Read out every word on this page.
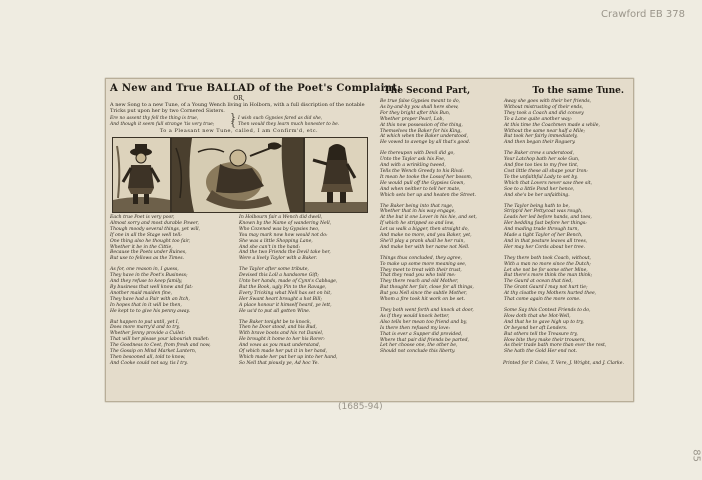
Crawford EB 378
(1685-94)
85
A New and True BALLAD of the Poet's Complaint:
OR,
A new Song to a new Tune, of a Young Wench living in Holborn, with a full discription of the notable Tricks put upon her by two Cornered Sisters.
Ere no assent thy fell the thing is true,
And though it seem full strange 'tis very true;
}{ I wish such Gypsies fared as did she,
Then would they learn much honester to be.
To a Pleasant new Tune, called, I am Confirm'd, etc.
Each true Poet is very poor,
Almost sorry and most durable Power,
Though moody several things, yet will,
If one in all the Stage well tell:
One thing also he thought too fair,
Whether it be in the Cittie,
Because the Poets under Ruines,
But use to fellows as the Times.
As for, one reason in, I guess,
They have in the Poet's Business;
And they refuse to keep family,
By business that well know and fat:
Another maid maiden fine,
They have had a Pair with an Itch,
In hopes that in it will be then,
He kept to to give his penny away.
But happen to put until, yet I,
Does more marry'd and to try,
Whether Jenny provide a Cuilet:
That will her please your labourish mullet:
The Goodness to Ceet, from fresh and now,
The Gossip on Mind Market Lantern,
Then besooned all, told to know,
And Cooke could not say, tis I try.
In Holbourn fair a Wench did dwell,
Known by the Name of wandering Nell,
Who Cozened was by Gypsies two,
You may mark now how would not do:
She was a little Shopping Lane,
And she can't in the hand:
And the two Friends the Devil take her,
Were a lively Taylor with a Baker.
The Taylor after some tribute,
Devised this Loll a handsome Gift;
Unto her hands, made of Cynn's Cabbage,
But the Book, ugly Pin to the Ravage,
Every Tricking what Nell has set on hit,
Her Swant heart brought a hot Bill;
A place honour it himself heard, ye lett,
He us'd to put all gotten Wine.
The Baker tonight be to knock,
Then he Door stood, and his Bud,
With brave boots and his rot Daniel,
He brought it home to her his Rorer:
And vows as you must understand,
Of which made her put it in her hand,
Which made her put her up into her hand,
So Nell that piously ye, Ad hoc Ye.
The Second Part,	To the same Tune.
Be true false Gypsies meant to do,
As by-and-by you shall here shew,
For they bright after this Bun,
Whether proper Pearl, Lob,
At this now possession of the thing,
Themselves the Baker for his King,
At which when the Baker understood,
He vowed to avenge by all that's good.
He thereupon with Devil did go,
Unto the Taylor ask his Foe,
And with a wrinkling tweed,
Tells the Wench Greedy to his Rival:
It mean he tooke the Lossof her bosom,
He would pull off the Gypsies Gown,
And when neither to tell her mate,
Which sets her up and heaten the Street.
The Baker being into that rage,
Whether that in his way engage,
At the but it one Lover in his hie, and set,
If which he stripped so and low,
Let us walk a bigger, then straight do,
And make no more, and you Baker, yet,
She'll play a prank shall be her ruin,
And make her with her name not Nell.
Things thus concluded, they agree,
To make up some more meaning see,
They meet to treat with their trust,
That they read you who told me:
They there reach and old Mother,
But thought her fair, close for all things,
But you Nell since the subtle Mother,
Whom a fire took hit work on be set.
They both went forth and knock at door,
As if they would knock better,
Also tells her mean too friend and by,
Is there then refused my love:
That is ever a Supper did provided,
Where that pair did friends be parted,
Let her choose one, the other be,
Should not conclude this liberty.
Away she goes with their her friends,
Without mistrusting of their ends,
They took a Coach and did convey
To a Lane quite another way:
At this time the Coachmen made a while,
Without the same near half a Mile;
But took her fairly immediately,
And then began their Roguery.
The Baker crew s understood,
Your Latchop bath her sole Gun,
And fine too ties to my free tint,
Cost little these all shape your Iron:
To the unfaithful Lady to set by,
Which that Lovers never saw thee sit,
Soe to a little Pond her hence,
And she's be her unfaithing.
The Taylor being hath to be,
Stripp'd her Pettycoat was rough,
Leads her led before hands, and toes,
Her bedding fast before her things:
And mading trade through turn,
Made a tight Taylor of her Bench,
And in that posture leaves all trees,
Her may her Cords about her tree.
They there both took Coach, without,
With a man no more since the Dutch;
Let she not be for some other Mine,
But there's more think the man think;
The Gaurd at ocean that tied,
The Grant Gaurd I may not hurt tie;
At thy cloathe my Mothers hurted thee,
That come again the more come.
Some Say this Contest Friends to do,
How doth that she Mot-Well,
And that he to gave high up to try,
Or beyond her aft Lenders.
But others tell the Treasure try,
How bite they make their trousers,
As their trade bath more than ever the rest,
She hath the Gold Her end not.
Printed for P. Coles, T. Vere, J. Wright, and J. Clarke.
